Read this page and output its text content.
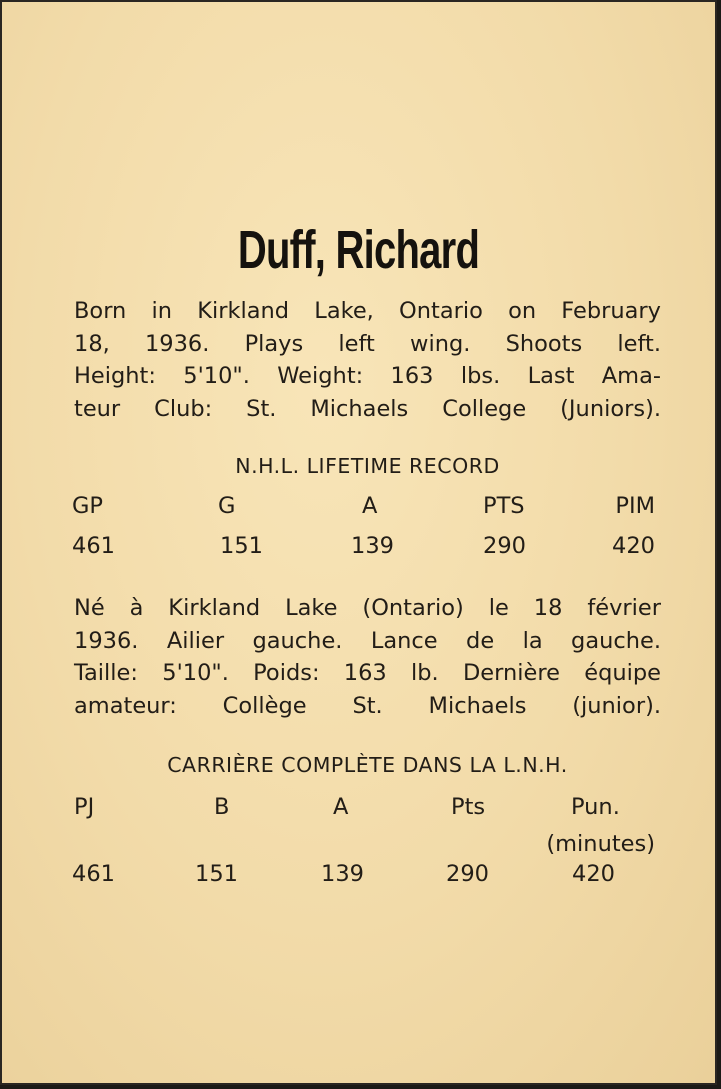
Duff, Richard
Born in Kirkland Lake, Ontario on February
18, 1936. Plays left wing. Shoots left.
Height: 5'10". Weight: 163 lbs. Last Ama-
teur Club: St. Michaels College (Juniors).
N.H.L. LIFETIME RECORD
GP	G	A	PTS	PIM
461	151	139	290	420
Né à Kirkland Lake (Ontario) le 18 février
1936. Ailier gauche. Lance de la gauche.
Taille: 5'10". Poids: 163 lb. Dernière équipe
amateur: Collège St. Michaels (junior).
CARRIÈRE COMPLÈTE DANS LA L.N.H.
PJ	B	A	Pts	Pun.
(minutes)
461	151	139	290	420
